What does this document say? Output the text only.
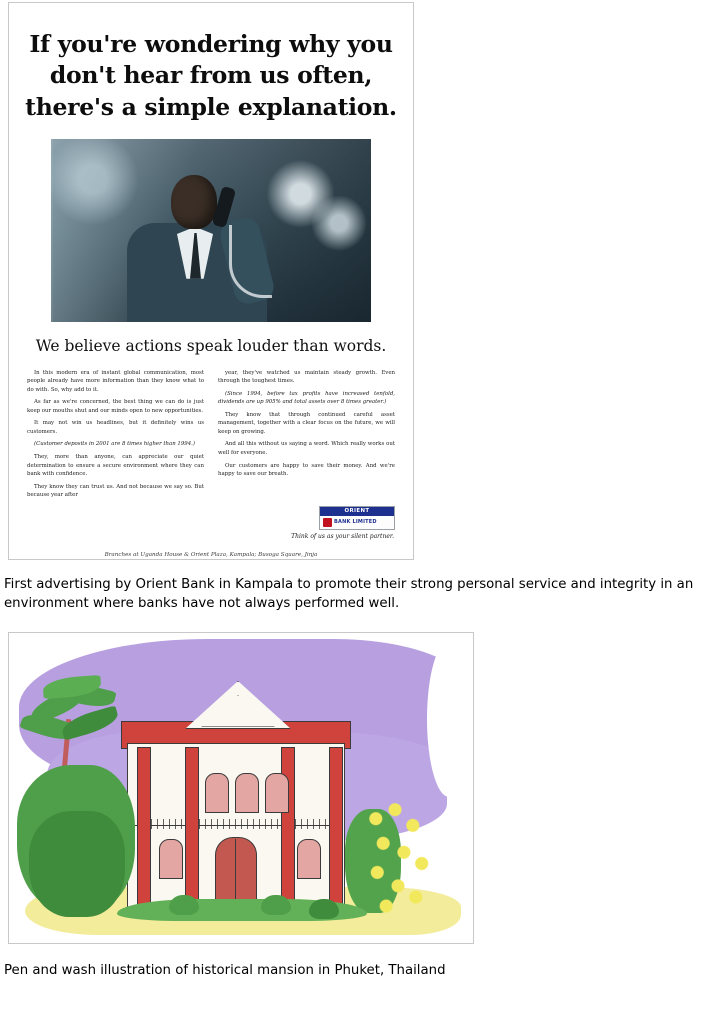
If you're wondering why you don't hear from us often, there's a simple explanation.
We believe actions speak louder than words.

In this modern era of instant global communication, most people already have more information than they know what to do with. So, why add to it.

As far as we're concerned, the best thing we can do is just keep our mouths shut and our minds open to new opportunities.

It may not win us headlines, but it definitely wins us customers.

(Customer deposits in 2001 are 8 times higher than 1994.)

They, more than anyone, can appreciate our quiet determination to ensure a secure environment where they can bank with confidence.

They know they can trust us. And not because we say so. But because year after

year, they've watched us maintain steady growth. Even through the toughest times.

(Since 1994, before tax profits have increased tenfold, dividends are up 905% and total assets over 8 times greater.)

They know that through continued careful asset management, together with a clear focus on the future, we will keep on growing.

And all this without us saying a word. Which really works out well for everyone.

Our customers are happy to save their money. And we're happy to save our breath.

ORIENT
BANK LIMITED
Think of us as your silent partner.
Branches at Uganda House & Orient Plaza, Kampala; Busoga Square, Jinja
First advertising by Orient Bank in Kampala to promote their strong personal service and integrity in an environment where banks have not always performed well.
Pen and wash illustration of historical mansion in Phuket, Thailand
